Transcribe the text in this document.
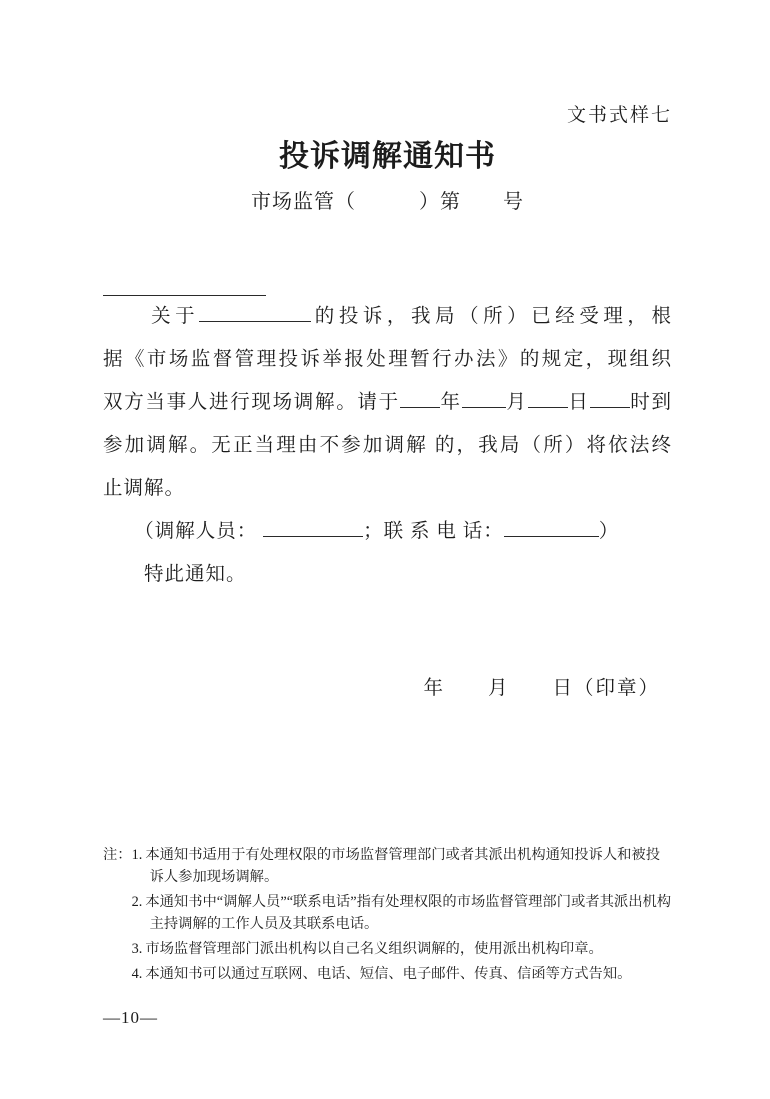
文书式样七
投诉调解通知书
市场监管（　　　）第　　号
　　关于	的投诉，我局（所）已经受理，根
据《市场监督管理投诉举报处理暂行办法》的规定，现组织
双方当事人进行现场调解。请于 年 月 日 时到
参加调解。无正当理由不参加调解 的，我局（所）将依法终
止调解。
　　（调解人员：	；联 系 电 话：	）
　　特此通知。
年　　月　　日（印章）
注： 1. 本通知书适用于有处理权限的市场监督管理部门或者其派出机构通知投诉人和被投诉人参加现场调解。
2. 本通知书中“调解人员”“联系电话”指有处理权限的市场监督管理部门或者其派出机构主持调解的工作人员及其联系电话。
3. 市场监督管理部门派出机构以自己名义组织调解的，使用派出机构印章。
4. 本通知书可以通过互联网、电话、短信、电子邮件、传真、信函等方式告知。
—10—
